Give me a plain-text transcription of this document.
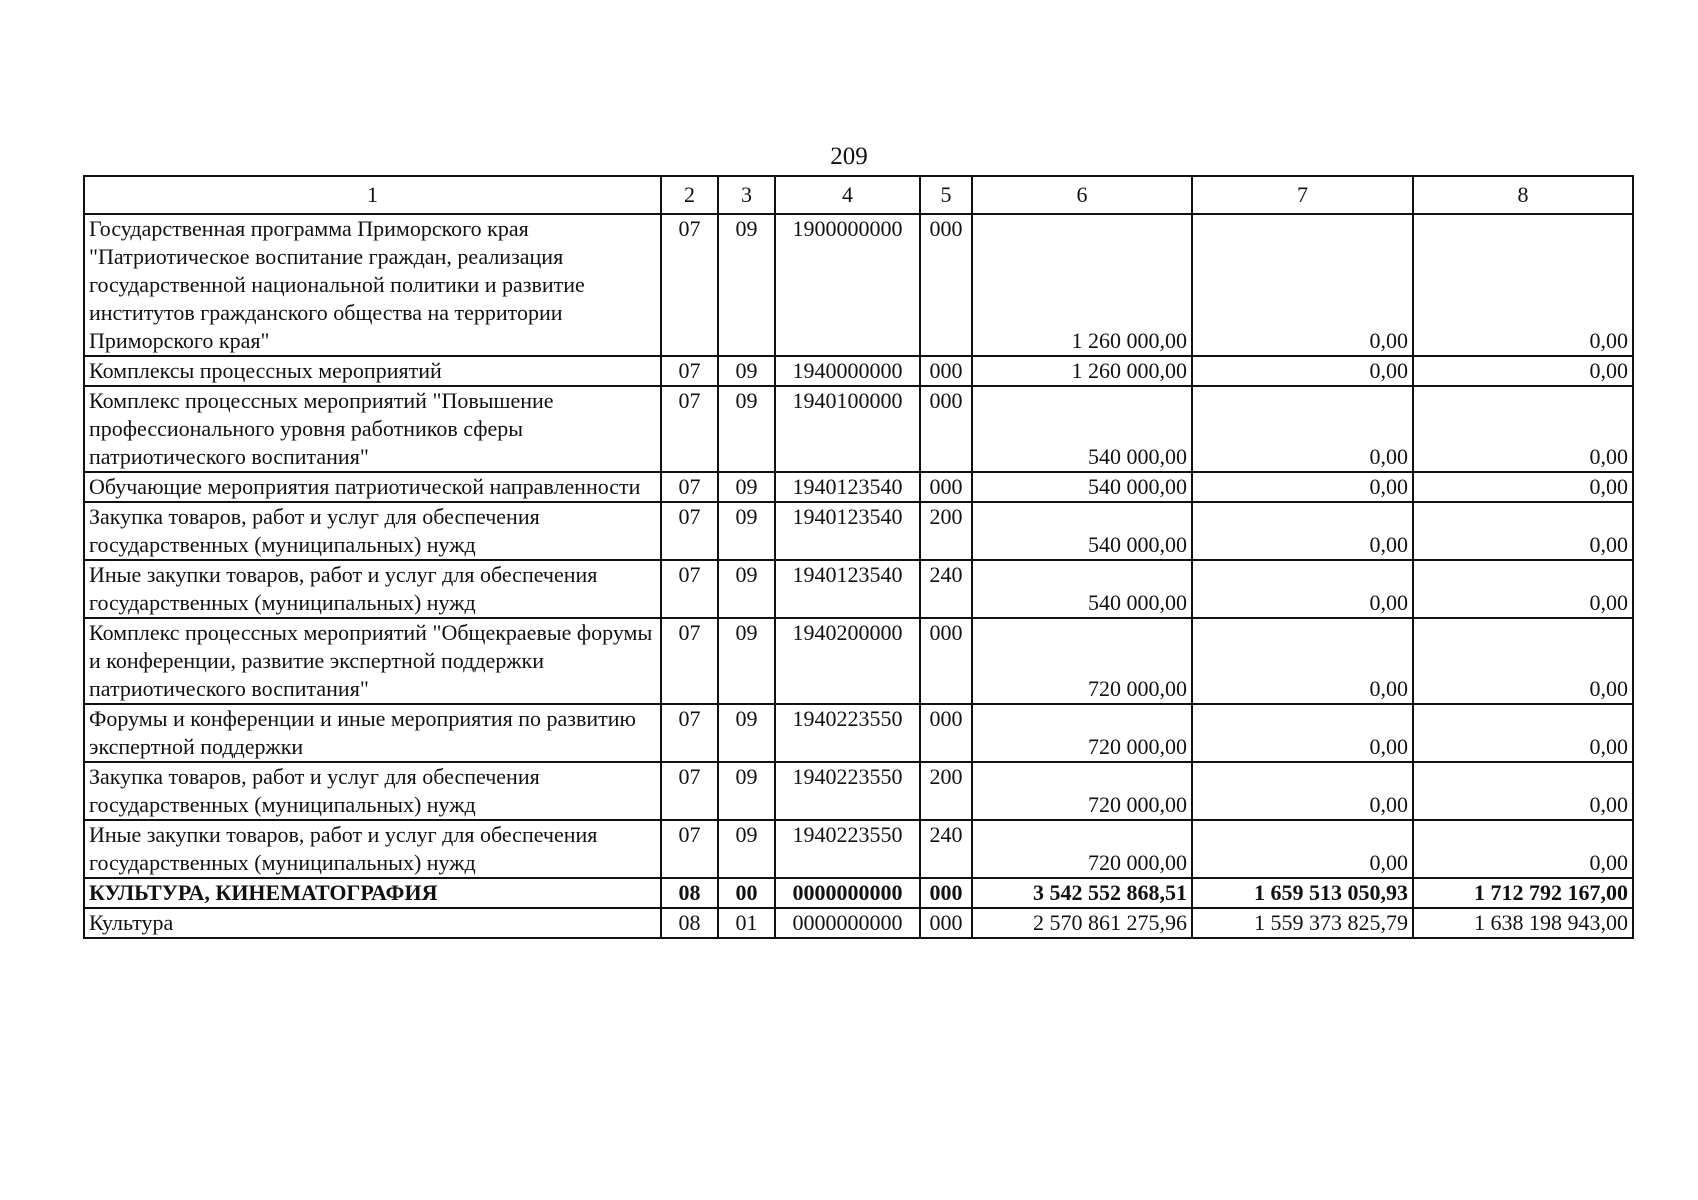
209
1	2	3	4	5	6	7	8
Государственная программа Приморского края "Патриотическое воспитание граждан, реализация государственной национальной политики и развитие институтов гражданского общества на территории Приморского края"	07	09	1900000000	000	1 260 000,00	0,00	0,00
Комплексы процессных мероприятий	07	09	1940000000	000	1 260 000,00	0,00	0,00
Комплекс процессных мероприятий "Повышение профессионального уровня работников сферы патриотического воспитания"	07	09	1940100000	000	540 000,00	0,00	0,00
Обучающие мероприятия патриотической направленности	07	09	1940123540	000	540 000,00	0,00	0,00
Закупка товаров, работ и услуг для обеспечения государственных (муниципальных) нужд	07	09	1940123540	200	540 000,00	0,00	0,00
Иные закупки товаров, работ и услуг для обеспечения государственных (муниципальных) нужд	07	09	1940123540	240	540 000,00	0,00	0,00
Комплекс процессных мероприятий "Общекраевые форумы и конференции, развитие экспертной поддержки патриотического воспитания"	07	09	1940200000	000	720 000,00	0,00	0,00
Форумы и конференции и иные мероприятия по развитию экспертной поддержки	07	09	1940223550	000	720 000,00	0,00	0,00
Закупка товаров, работ и услуг для обеспечения государственных (муниципальных) нужд	07	09	1940223550	200	720 000,00	0,00	0,00
Иные закупки товаров, работ и услуг для обеспечения государственных (муниципальных) нужд	07	09	1940223550	240	720 000,00	0,00	0,00
КУЛЬТУРА, КИНЕМАТОГРАФИЯ	08	00	0000000000	000	3 542 552 868,51	1 659 513 050,93	1 712 792 167,00
Культура	08	01	0000000000	000	2 570 861 275,96	1 559 373 825,79	1 638 198 943,00
